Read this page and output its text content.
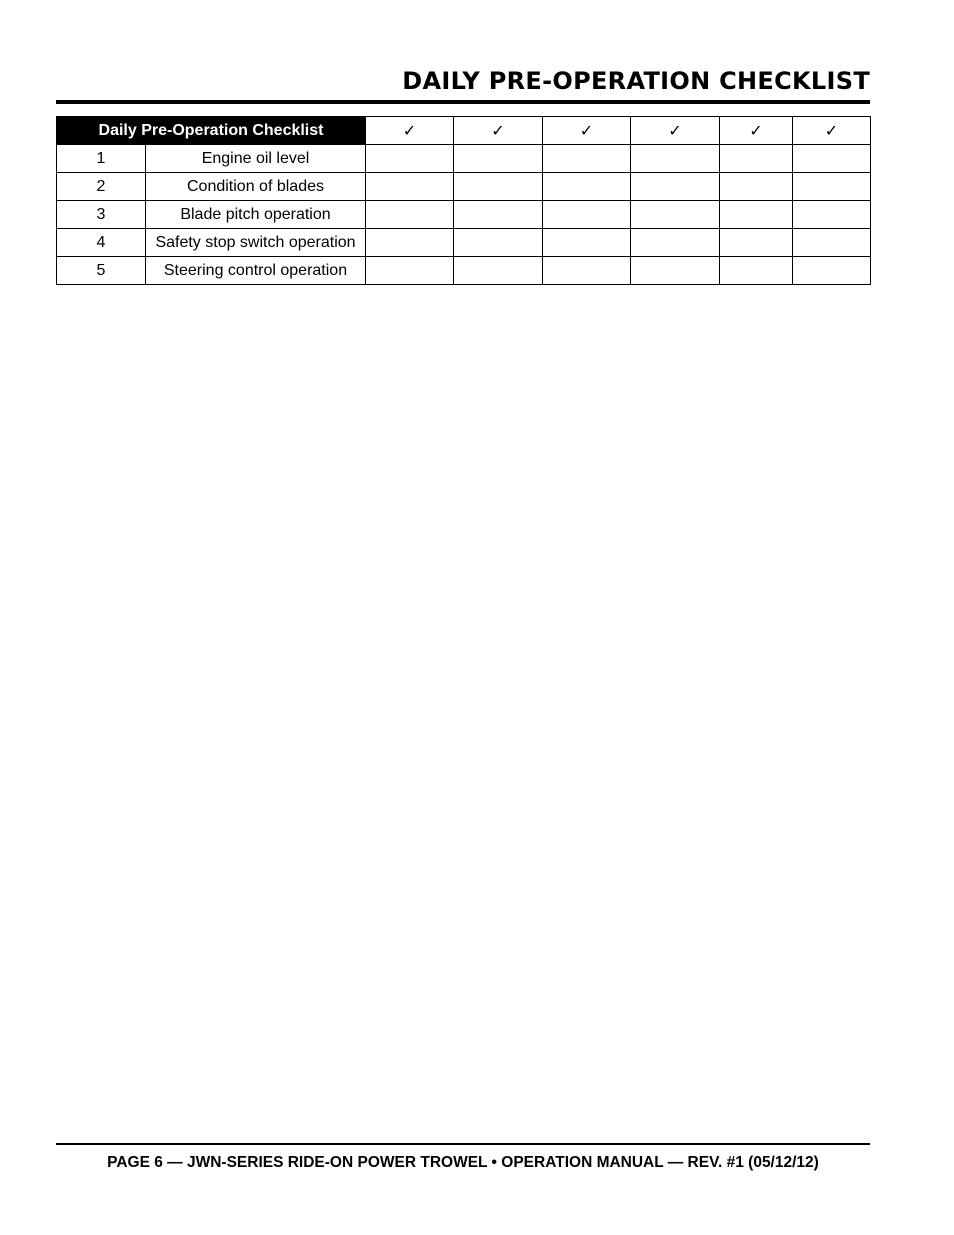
DAILY PRE-OPERATION CHECKLIST
Daily Pre-Operation Checklist		✓	✓	✓	✓	✓	✓
1	Engine oil level						
2	Condition of blades						
3	Blade pitch operation						
4	Safety stop switch operation						
5	Steering control operation						
PAGE 6 — JWN-SERIES RIDE-ON POWER TROWEL • OPERATION MANUAL — REV. #1 (05/12/12)
